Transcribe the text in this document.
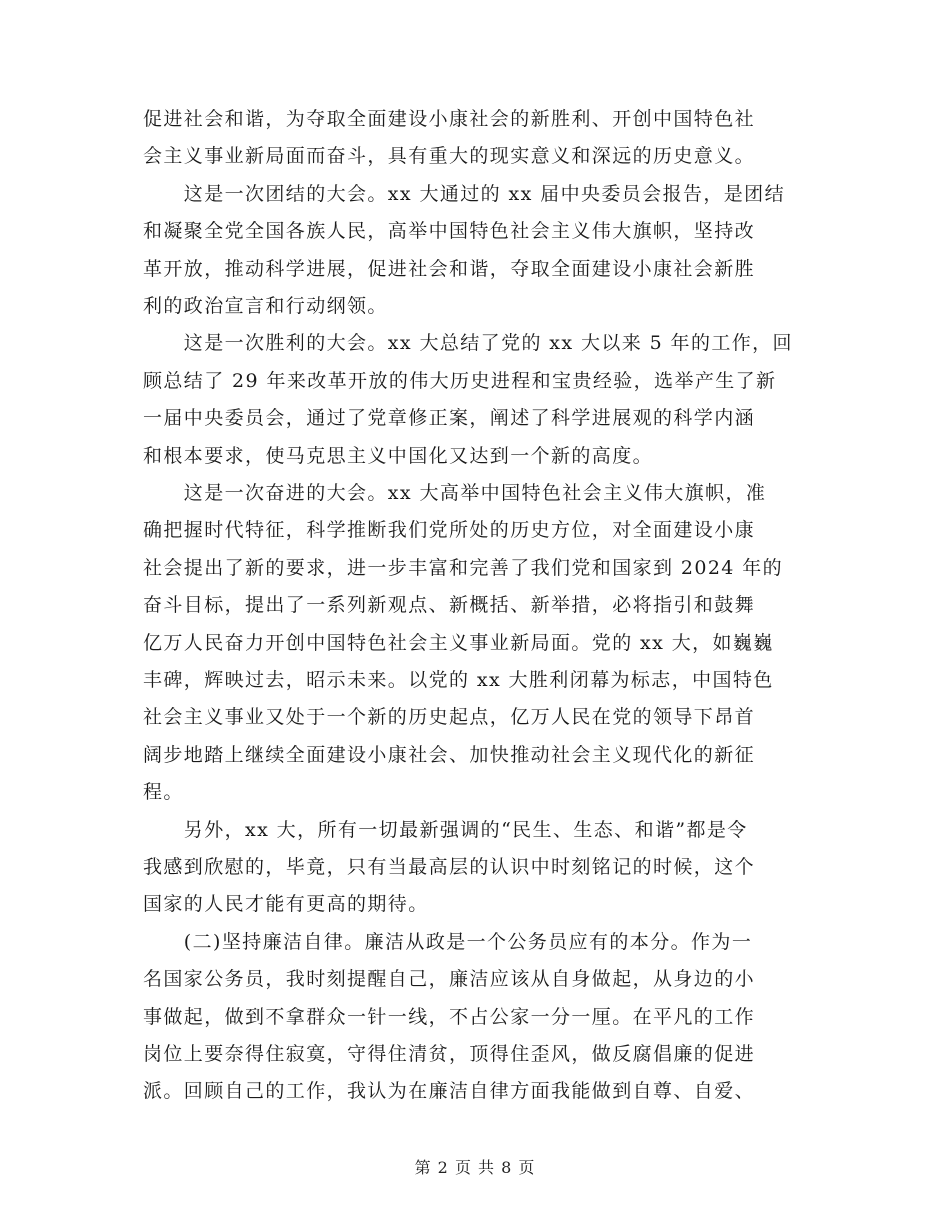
促进社会和谐，为夺取全面建设小康社会的新胜利、开创中国特色社
会主义事业新局面而奋斗，具有重大的现实意义和深远的历史意义。
　　这是一次团结的大会。xx 大通过的 xx 届中央委员会报告，是团结
和凝聚全党全国各族人民，高举中国特色社会主义伟大旗帜，坚持改
革开放，推动科学进展，促进社会和谐，夺取全面建设小康社会新胜
利的政治宣言和行动纲领。
　　这是一次胜利的大会。xx 大总结了党的 xx 大以来 5 年的工作，回
顾总结了 29 年来改革开放的伟大历史进程和宝贵经验，选举产生了新
一届中央委员会，通过了党章修正案，阐述了科学进展观的科学内涵
和根本要求，使马克思主义中国化又达到一个新的高度。
　　这是一次奋进的大会。xx 大高举中国特色社会主义伟大旗帜，准
确把握时代特征，科学推断我们党所处的历史方位，对全面建设小康
社会提出了新的要求，进一步丰富和完善了我们党和国家到 2024 年的
奋斗目标，提出了一系列新观点、新概括、新举措，必将指引和鼓舞
亿万人民奋力开创中国特色社会主义事业新局面。党的 xx 大，如巍巍
丰碑，辉映过去，昭示未来。以党的 xx 大胜利闭幕为标志，中国特色
社会主义事业又处于一个新的历史起点，亿万人民在党的领导下昂首
阔步地踏上继续全面建设小康社会、加快推动社会主义现代化的新征
程。
　　另外，xx 大，所有一切最新强调的“民生、生态、和谐”都是令
我感到欣慰的，毕竟，只有当最高层的认识中时刻铭记的时候，这个
国家的人民才能有更高的期待。
　　(二)坚持廉洁自律。廉洁从政是一个公务员应有的本分。作为一
名国家公务员，我时刻提醒自己，廉洁应该从自身做起，从身边的小
事做起，做到不拿群众一针一线，不占公家一分一厘。在平凡的工作
岗位上要奈得住寂寞，守得住清贫，顶得住歪风，做反腐倡廉的促进
派。回顾自己的工作，我认为在廉洁自律方面我能做到自尊、自爱、
第 2 页 共 8 页
